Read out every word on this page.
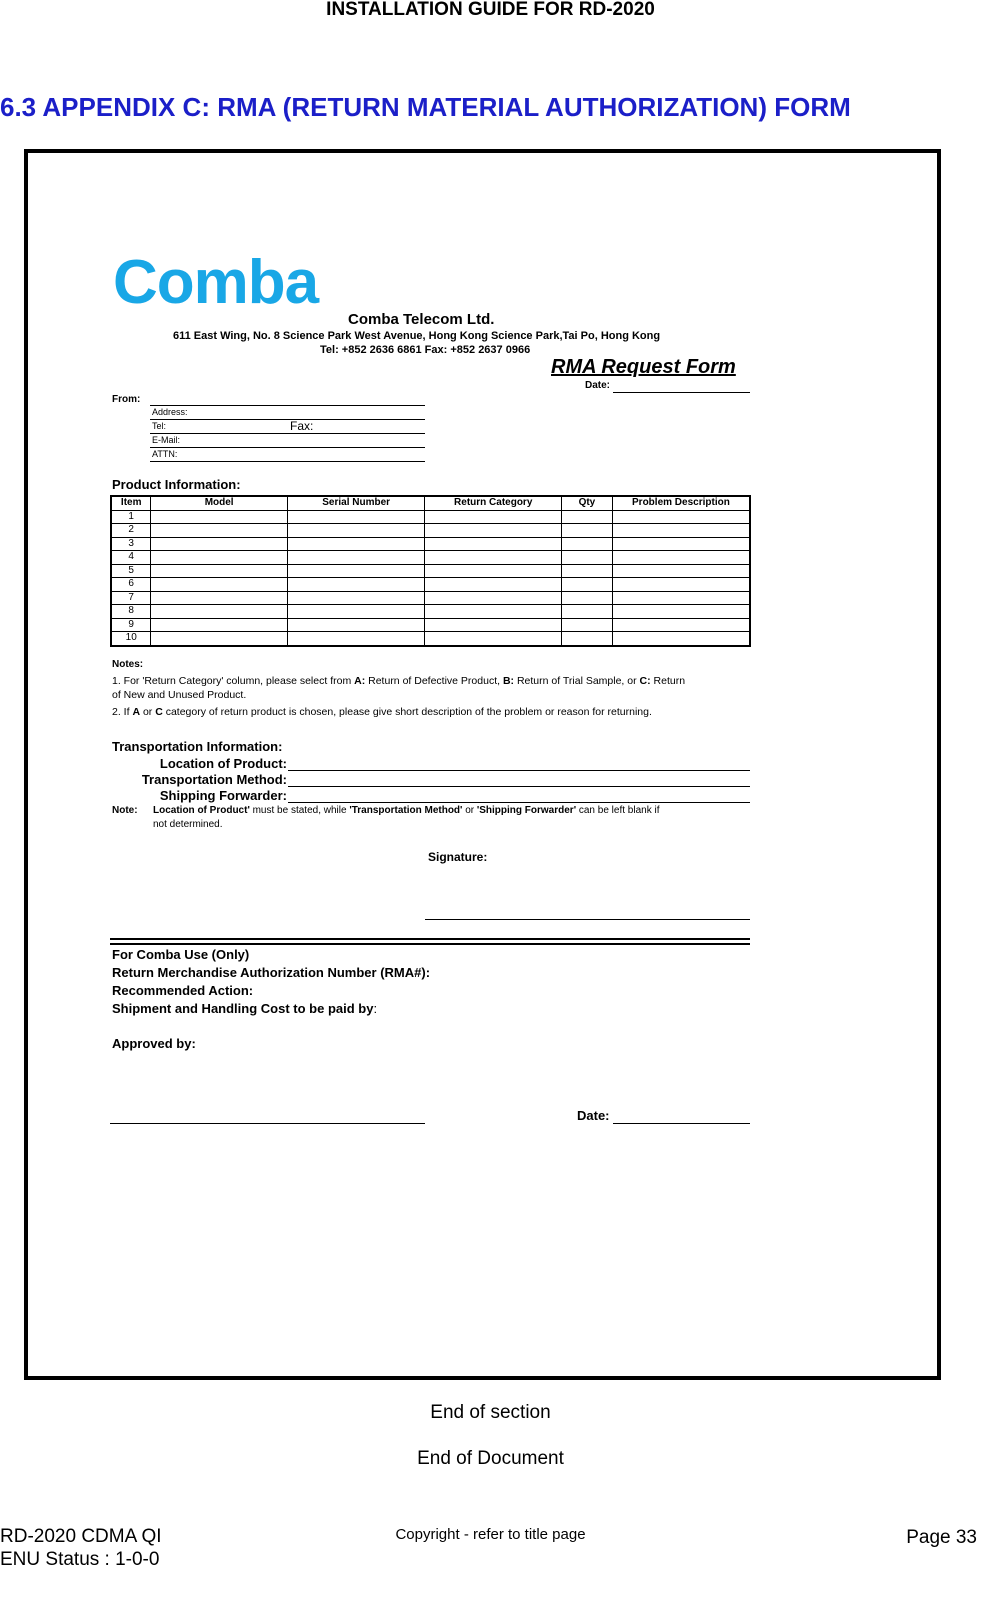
INSTALLATION GUIDE FOR RD-2020
6.3 APPENDIX C: RMA (RETURN MATERIAL AUTHORIZATION) FORM
Comba
Comba Telecom Ltd.
611 East Wing, No. 8 Science Park West Avenue, Hong Kong Science Park,Tai Po, Hong Kong
Tel: +852 2636 6861 Fax: +852 2637 0966
RMA Request Form
Date:
From:
Address:
Tel:	Fax:
E-Mail:
ATTN:
Product Information:
Item	Model	Serial Number	Return Category	Qty	Problem Description
1					
2					
3					
4					
5					
6					
7					
8					
9					
10					
Notes:
1. For 'Return Category' column, please select from A: Return of Defective Product, B: Return of Trial Sample, or C: Return
of New and Unused Product.
2. If A or C category of return product is chosen, please give short description of the problem or reason for returning.
Transportation Information:
Location of Product:
Transportation Method:
Shipping Forwarder:
Note: Location of Product' must be stated, while 'Transportation Method' or 'Shipping Forwarder' can be left blank if
not determined.
Signature:
For Comba Use (Only)
Return Merchandise Authorization Number (RMA#):
Recommended Action:
Shipment and Handling Cost to be paid by:
Approved by:
Date:
End of section
End of Document
RD-2020 CDMA QI
ENU Status : 1-0-0
Copyright - refer to title page	Page 33
